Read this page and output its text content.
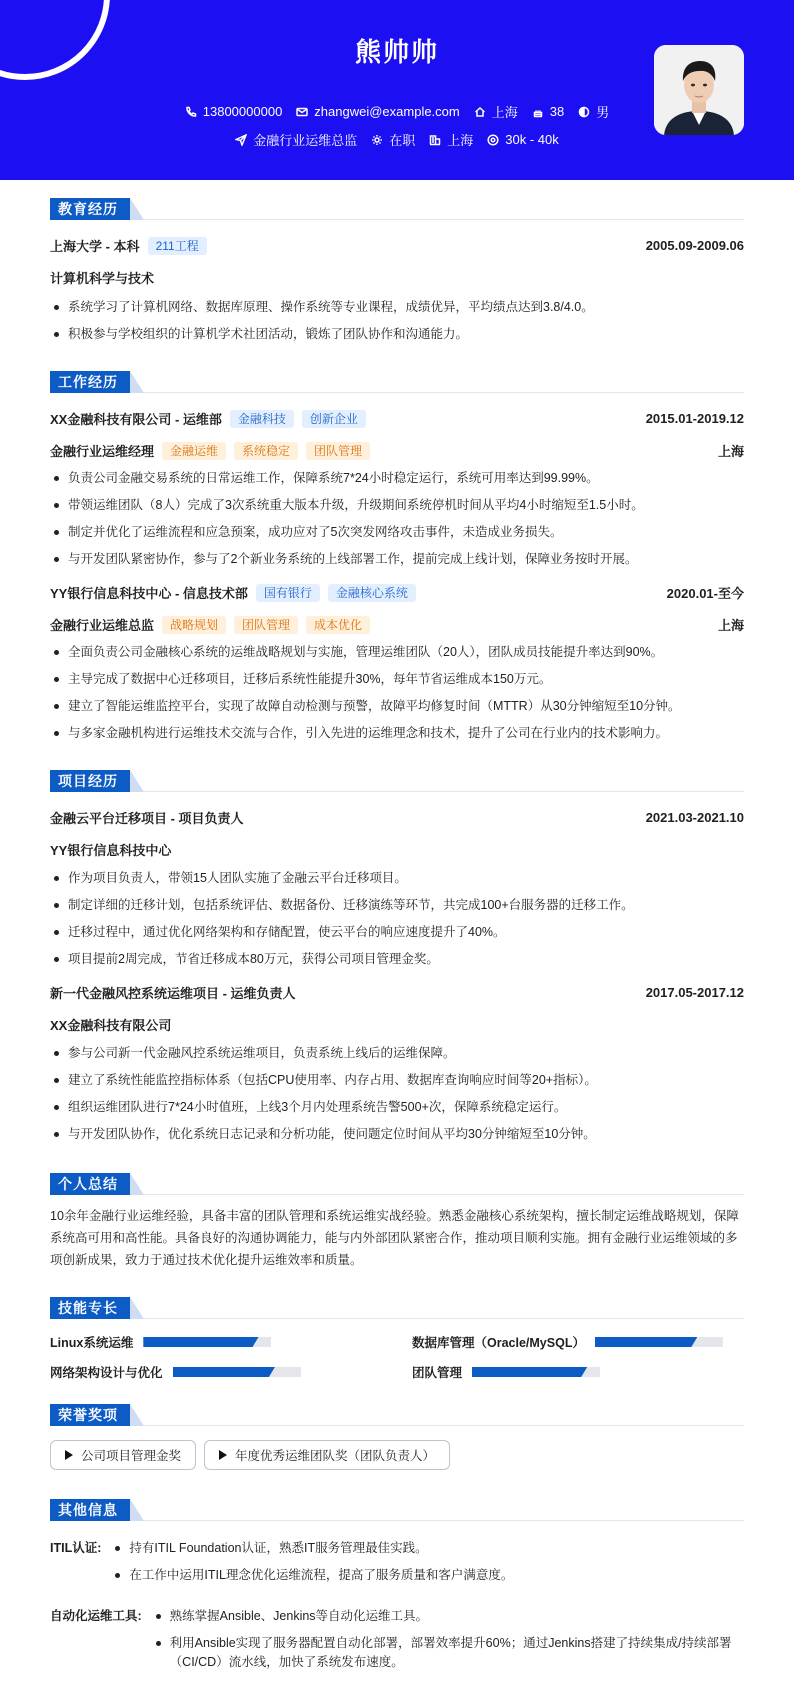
熊帅帅
13800000000 zhangwei@example.com 上海 38 男
金融行业运维总监 在职 上海 30k - 40k
教育经历
上海大学 - 本科	211工程	2005.09-2009.06
计算机科学与技术
系统学习了计算机网络、数据库原理、操作系统等专业课程，成绩优异，平均绩点达到3.8/4.0。
积极参与学校组织的计算机学术社团活动，锻炼了团队协作和沟通能力。
工作经历
XX金融科技有限公司 - 运维部	金融科技	创新企业	2015.01-2019.12
金融行业运维经理	金融运维	系统稳定	团队管理	上海
负责公司金融交易系统的日常运维工作，保障系统7*24小时稳定运行，系统可用率达到99.99%。
带领运维团队（8人）完成了3次系统重大版本升级，升级期间系统停机时间从平均4小时缩短至1.5小时。
制定并优化了运维流程和应急预案，成功应对了5次突发网络攻击事件，未造成业务损失。
与开发团队紧密协作，参与了2个新业务系统的上线部署工作，提前完成上线计划，保障业务按时开展。
YY银行信息科技中心 - 信息技术部	国有银行	金融核心系统	2020.01-至今
金融行业运维总监	战略规划	团队管理	成本优化	上海
全面负责公司金融核心系统的运维战略规划与实施，管理运维团队（20人），团队成员技能提升率达到90%。
主导完成了数据中心迁移项目，迁移后系统性能提升30%，每年节省运维成本150万元。
建立了智能运维监控平台，实现了故障自动检测与预警，故障平均修复时间（MTTR）从30分钟缩短至10分钟。
与多家金融机构进行运维技术交流与合作，引入先进的运维理念和技术，提升了公司在行业内的技术影响力。
项目经历
金融云平台迁移项目 - 项目负责人	2021.03-2021.10
YY银行信息科技中心
作为项目负责人，带领15人团队实施了金融云平台迁移项目。
制定详细的迁移计划，包括系统评估、数据备份、迁移演练等环节，共完成100+台服务器的迁移工作。
迁移过程中，通过优化网络架构和存储配置，使云平台的响应速度提升了40%。
项目提前2周完成，节省迁移成本80万元，获得公司项目管理金奖。
新一代金融风控系统运维项目 - 运维负责人	2017.05-2017.12
XX金融科技有限公司
参与公司新一代金融风控系统运维项目，负责系统上线后的运维保障。
建立了系统性能监控指标体系（包括CPU使用率、内存占用、数据库查询响应时间等20+指标）。
组织运维团队进行7*24小时值班，上线3个月内处理系统告警500+次，保障系统稳定运行。
与开发团队协作，优化系统日志记录和分析功能，使问题定位时间从平均30分钟缩短至10分钟。
个人总结

10余年金融行业运维经验，具备丰富的团队管理和系统运维实战经验。熟悉金融核心系统架构，擅长制定运维战略规划，保障系统高可用和高性能。具备良好的沟通协调能力，能与内外部团队紧密合作，推动项目顺利实施。拥有金融行业运维领域的多项创新成果，致力于通过技术优化提升运维效率和质量。

技能专长
Linux系统运维	数据库管理（Oracle/MySQL）
网络架构设计与优化	团队管理
荣誉奖项
公司项目管理金奖	年度优秀运维团队奖（团队负责人）
其他信息
ITIL认证:	持有ITIL Foundation认证，熟悉IT服务管理最佳实践。
在工作中运用ITIL理念优化运维流程，提高了服务质量和客户满意度。
自动化运维工具:	熟练掌握Ansible、Jenkins等自动化运维工具。
利用Ansible实现了服务器配置自动化部署，部署效率提升60%；通过Jenkins搭建了持续集成/持续部署（CI/CD）流水线，加快了系统发布速度。
